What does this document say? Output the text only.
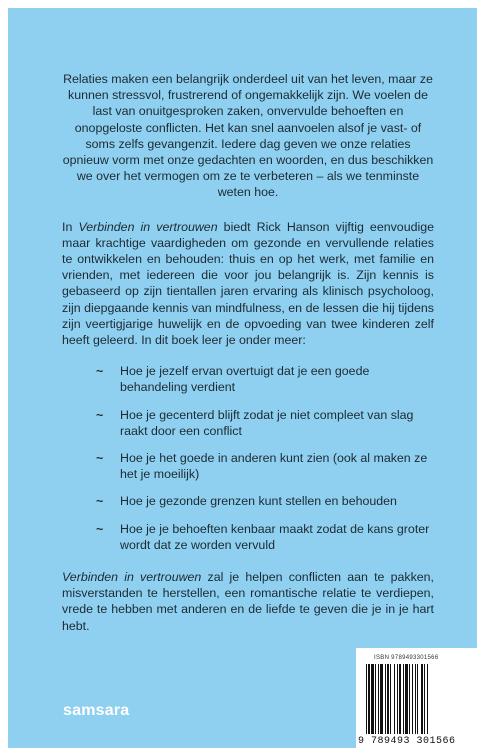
Relaties maken een belangrijk onderdeel uit van het leven, maar ze kunnen stressvol, frustrerend of ongemakkelijk zijn. We voelen de last van onuitgesproken zaken, onvervulde behoeften en onopgeloste conflicten. Het kan snel aanvoelen alsof je vast- of soms zelfs gevangenzit. Iedere dag geven we onze relaties opnieuw vorm met onze gedachten en woorden, en dus beschikken we over het vermogen om ze te verbeteren – als we tenminste weten hoe.

In Verbinden in vertrouwen biedt Rick Hanson vijftig eenvoudige maar krachtige vaardigheden om gezonde en vervullende relaties te ontwikkelen en behouden: thuis en op het werk, met familie en vrienden, met iedereen die voor jou belangrijk is. Zijn kennis is gebaseerd op zijn tientallen jaren ervaring als klinisch psycholoog, zijn diepgaande kennis van mindfulness, en de lessen die hij tijdens zijn veertigjarige huwelijk en de opvoeding van twee kinderen zelf heeft geleerd. In dit boek leer je onder meer:

~ Hoe je jezelf ervan overtuigt dat je een goede behandeling verdient
~ Hoe je gecenterd blijft zodat je niet compleet van slag raakt door een conflict
~ Hoe je het goede in anderen kunt zien (ook al maken ze het je moeilijk)
~ Hoe je gezonde grenzen kunt stellen en behouden
~ Hoe je je behoeften kenbaar maakt zodat de kans groter wordt dat ze worden vervuld

Verbinden in vertrouwen zal je helpen conflicten aan te pakken, misverstanden te herstellen, een romantische relatie te verdiepen, vrede te hebben met anderen en de liefde te geven die je in je hart hebt.

samsara
ISBN 9789493301566
9 789493 301566
